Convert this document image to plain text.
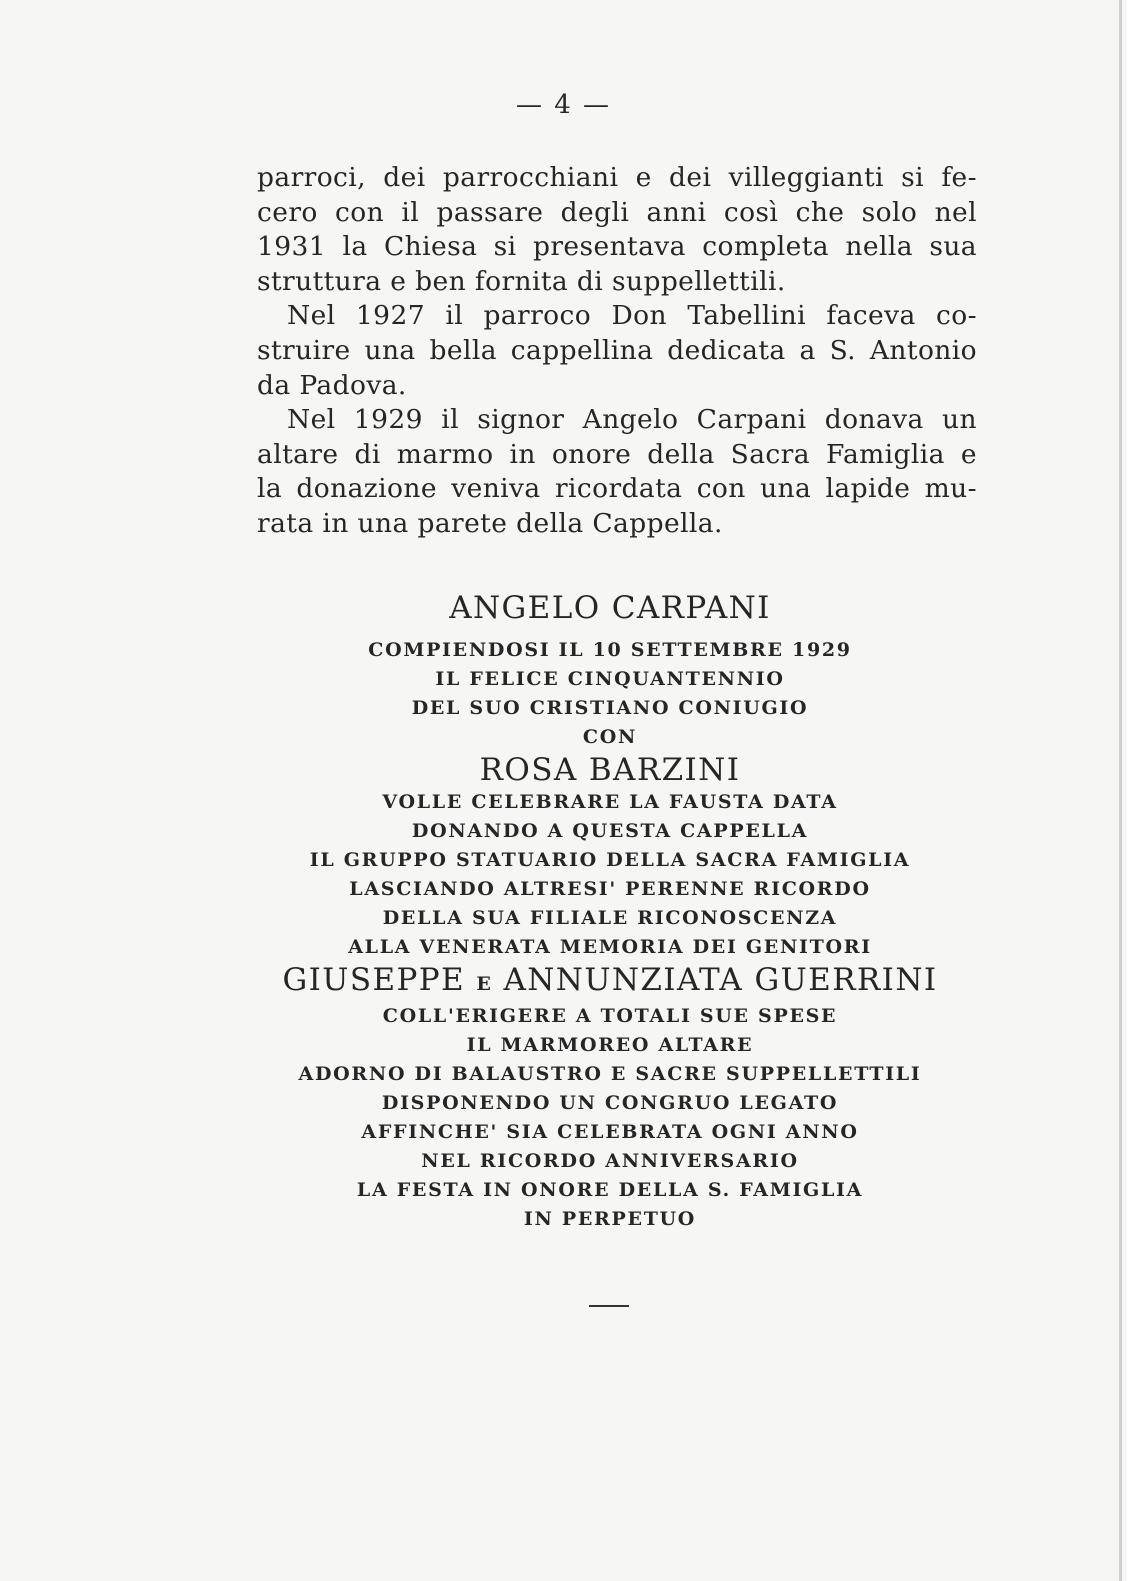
— 4 —
parroci, dei parrocchiani e dei villeggianti si fe-
cero con il passare degli anni così che solo nel
1931 la Chiesa si presentava completa nella sua
struttura e ben fornita di suppellettili.
Nel 1927 il parroco Don Tabellini faceva co-
struire una bella cappellina dedicata a S. Antonio
da Padova.
Nel 1929 il signor Angelo Carpani donava un
altare di marmo in onore della Sacra Famiglia e
la donazione veniva ricordata con una lapide mu-
rata in una parete della Cappella.
ANGELO CARPANI
COMPIENDOSI IL 10 SETTEMBRE 1929
IL FELICE CINQUANTENNIO
DEL SUO CRISTIANO CONIUGIO
CON
ROSA BARZINI
VOLLE CELEBRARE LA FAUSTA DATA
DONANDO A QUESTA CAPPELLA
IL GRUPPO STATUARIO DELLA SACRA FAMIGLIA
LASCIANDO ALTRESI' PERENNE RICORDO
DELLA SUA FILIALE RICONOSCENZA
ALLA VENERATA MEMORIA DEI GENITORI
GIUSEPPE E ANNUNZIATA GUERRINI
COLL'ERIGERE A TOTALI SUE SPESE
IL MARMOREO ALTARE
ADORNO DI BALAUSTRO E SACRE SUPPELLETTILI
DISPONENDO UN CONGRUO LEGATO
AFFINCHE' SIA CELEBRATA OGNI ANNO
NEL RICORDO ANNIVERSARIO
LA FESTA IN ONORE DELLA S. FAMIGLIA
IN PERPETUO
